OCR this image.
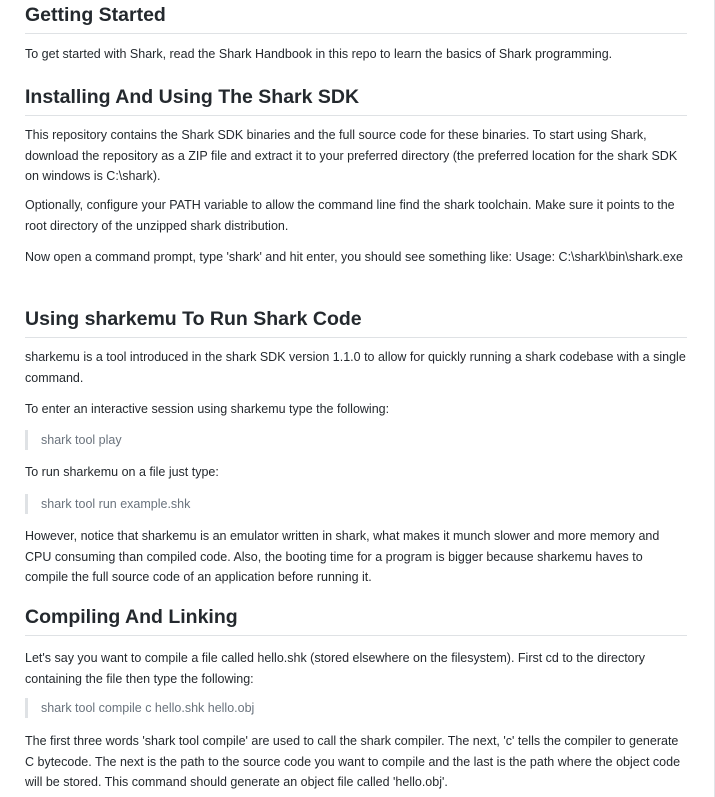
Getting Started

To get started with Shark, read the Shark Handbook in this repo to learn the basics of Shark programming.

Installing And Using The Shark SDK

This repository contains the Shark SDK binaries and the full source code for these binaries. To start using Shark, download the repository as a ZIP file and extract it to your preferred directory (the preferred location for the shark SDK on windows is C:\shark).

Optionally, configure your PATH variable to allow the command line find the shark toolchain. Make sure it points to the root directory of the unzipped shark distribution.

Now open a command prompt, type 'shark' and hit enter, you should see something like: Usage: C:\shark\bin\shark.exe

Using sharkemu To Run Shark Code

sharkemu is a tool introduced in the shark SDK version 1.1.0 to allow for quickly running a shark codebase with a single command.

To enter an interactive session using sharkemu type the following:

shark tool play

To run sharkemu on a file just type:

shark tool run example.shk

However, notice that sharkemu is an emulator written in shark, what makes it munch slower and more memory and CPU consuming than compiled code. Also, the booting time for a program is bigger because sharkemu haves to compile the full source code of an application before running it.

Compiling And Linking

Let's say you want to compile a file called hello.shk (stored elsewhere on the filesystem). First cd to the directory containing the file then type the following:

shark tool compile c hello.shk hello.obj

The first three words 'shark tool compile' are used to call the shark compiler. The next, 'c' tells the compiler to generate C bytecode. The next is the path to the source code you want to compile and the last is the path where the object code will be stored. This command should generate an object file called 'hello.obj'.
